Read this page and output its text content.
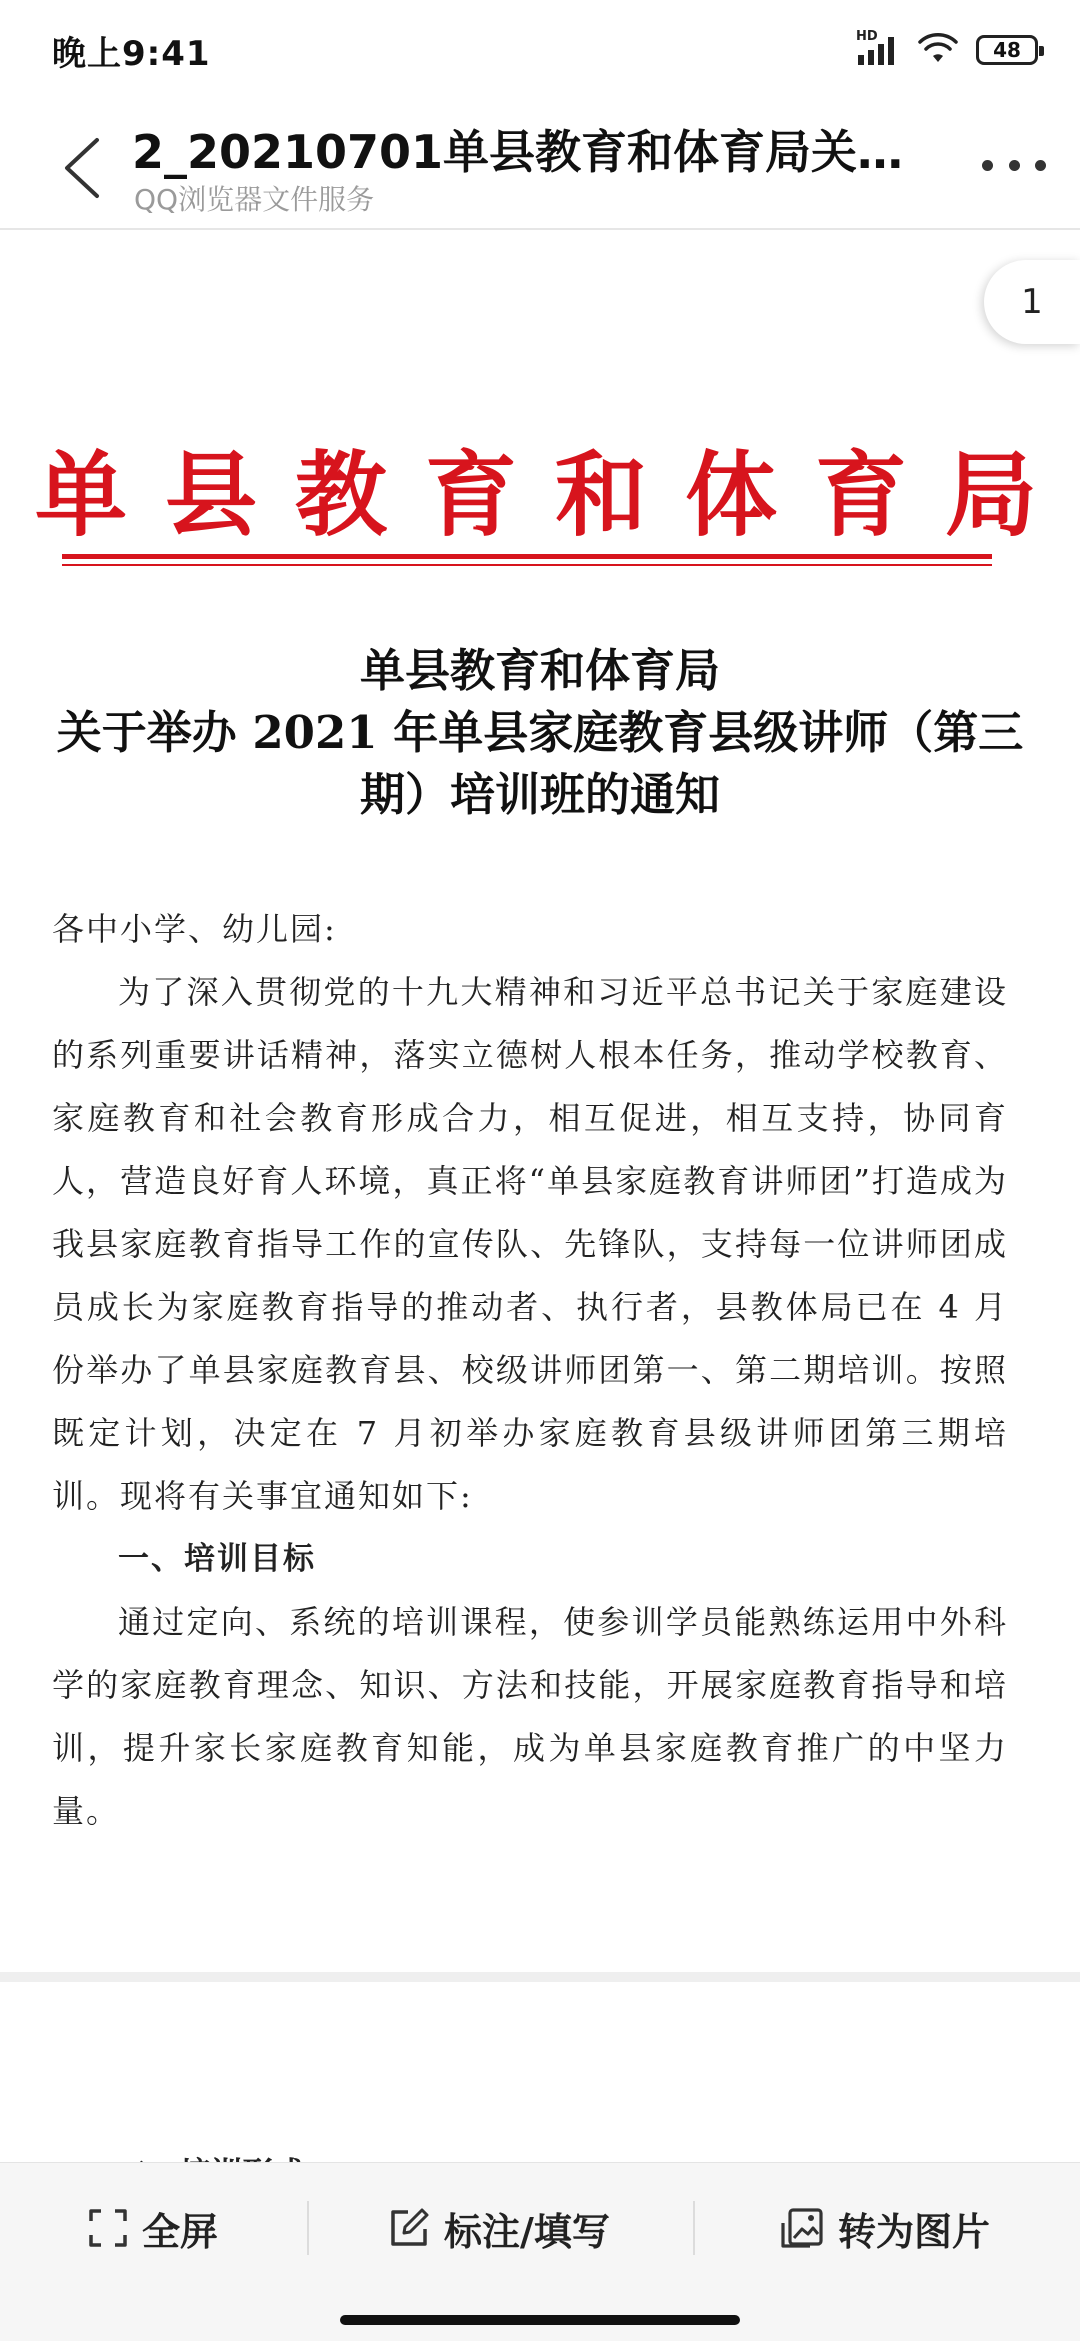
晚上9:41	HD
48
2_20210701单县教育和体育局关…
QQ浏览器文件服务
1
单县教育和体育局
单县教育和体育局
关于举办 2021 年单县家庭教育县级讲师（第三
期）培训班的通知

各中小学、幼儿园:

为了深入贯彻党的十九大精神和习近平总书记关于家庭建设的系列重要讲话精神，落实立德树人根本任务，推动学校教育、家庭教育和社会教育形成合力，相互促进，相互支持，协同育人，营造良好育人环境，真正将“单县家庭教育讲师团”打造成为我县家庭教育指导工作的宣传队、先锋队，支持每一位讲师团成员成长为家庭教育指导的推动者、执行者，县教体局已在 4 月份举办了单县家庭教育县、校级讲师团第一、第二期培训。按照既定计划，决定在 7 月初举办家庭教育县级讲师团第三期培训。现将有关事宜通知如下:

一、培训目标

通过定向、系统的培训课程，使参训学员能熟练运用中外科学的家庭教育理念、知识、方法和技能，开展家庭教育指导和培训，提升家长家庭教育知能，成为单县家庭教育推广的中坚力量。

全屏	标注/填写	转为图片
